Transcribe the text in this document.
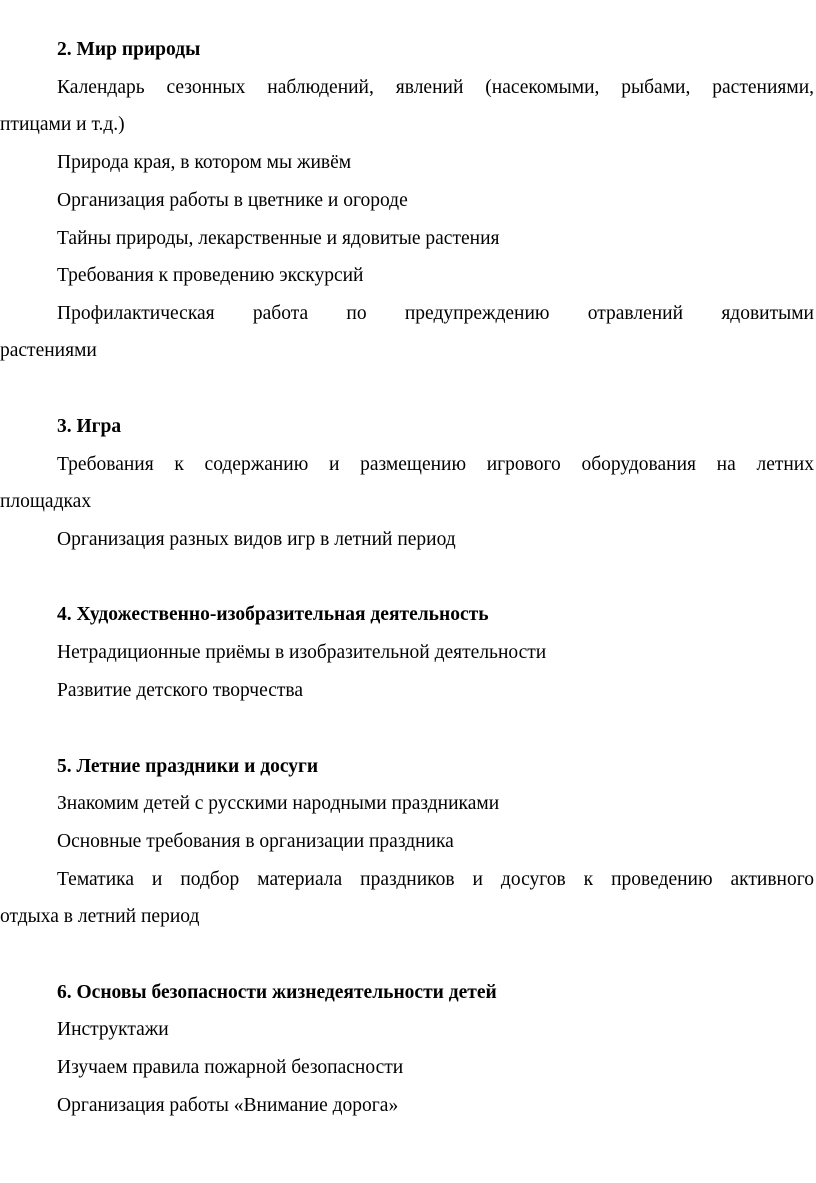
2. Мир природы
Календарь сезонных наблюдений, явлений (насекомыми, рыбами, растениями,
птицами и т.д.)
Природа края, в котором мы живём
Организация работы в цветнике и огороде
Тайны природы, лекарственные и ядовитые растения
Требования к проведению экскурсий
Профилактическая работа по предупреждению отравлений ядовитыми
растениями
3. Игра
Требования к содержанию и размещению игрового оборудования на летних
площадках
Организация разных видов игр в летний период
4. Художественно-изобразительная деятельность
Нетрадиционные приёмы в изобразительной деятельности
Развитие детского творчества
5. Летние праздники и досуги
Знакомим детей с русскими народными праздниками
Основные требования в организации праздника
Тематика и подбор материала праздников и досугов к проведению активного
отдыха в летний период
6. Основы безопасности жизнедеятельности детей
Инструктажи
Изучаем правила пожарной безопасности
Организация работы «Внимание дорога»
